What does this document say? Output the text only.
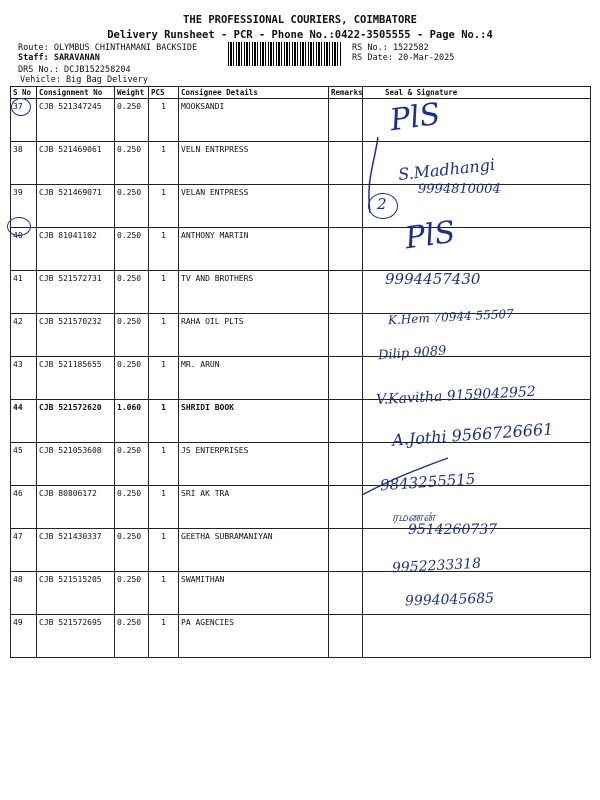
THE PROFESSIONAL COURIERS, COIMBATORE
Delivery Runsheet - PCR - Phone No.:0422-3505555 - Page No.:4
Route: OLYMBUS CHINTHAMANI BACKSIDE
Staff: SARAVANAN
DRS No.: DCJB152258204
Vehicle: Big Bag Delivery
RS No.: 1522582
RS Date: 20-Mar-2025
S No	Consignment No	Weight	PCS	Consignee Details	Remarks	Seal & Signature
37	CJB 521347245	0.250	1	MOOKSANDI		
38	CJB 521469061	0.250	1	VELN ENTRPRESS		
39	CJB 521469071	0.250	1	VELAN ENTPRESS		
40	CJB 81041102	0.250	1	ANTHONY MARTIN		
41	CJB 521572731	0.250	1	TV AND BROTHERS		
42	CJB 521570232	0.250	1	RAHA OIL PLTS		
43	CJB 521185655	0.250	1	MR. ARUN		
44	CJB 521572620	1.060	1	SHRIDI BOOK		
45	CJB 521053608	0.250	1	JS ENTERPRISES		
46	CJB 80806172	0.250	1	SRI AK TRA		
47	CJB 521430337	0.250	1	GEETHA SUBRAMANIYAN		
48	CJB 521515205	0.250	1	SWAMITHAN		
49	CJB 521572695	0.250	1	PA AGENCIES		
PlS
S.Madhangi
9994810004
2
PlS
9994457430
K.Hem 70944 55507
Dilip 9089
V.Kavitha 9159042952
A.Jothi 9566726661
9843255515
ரமணன்
9514260737
9952233318
9994045685
